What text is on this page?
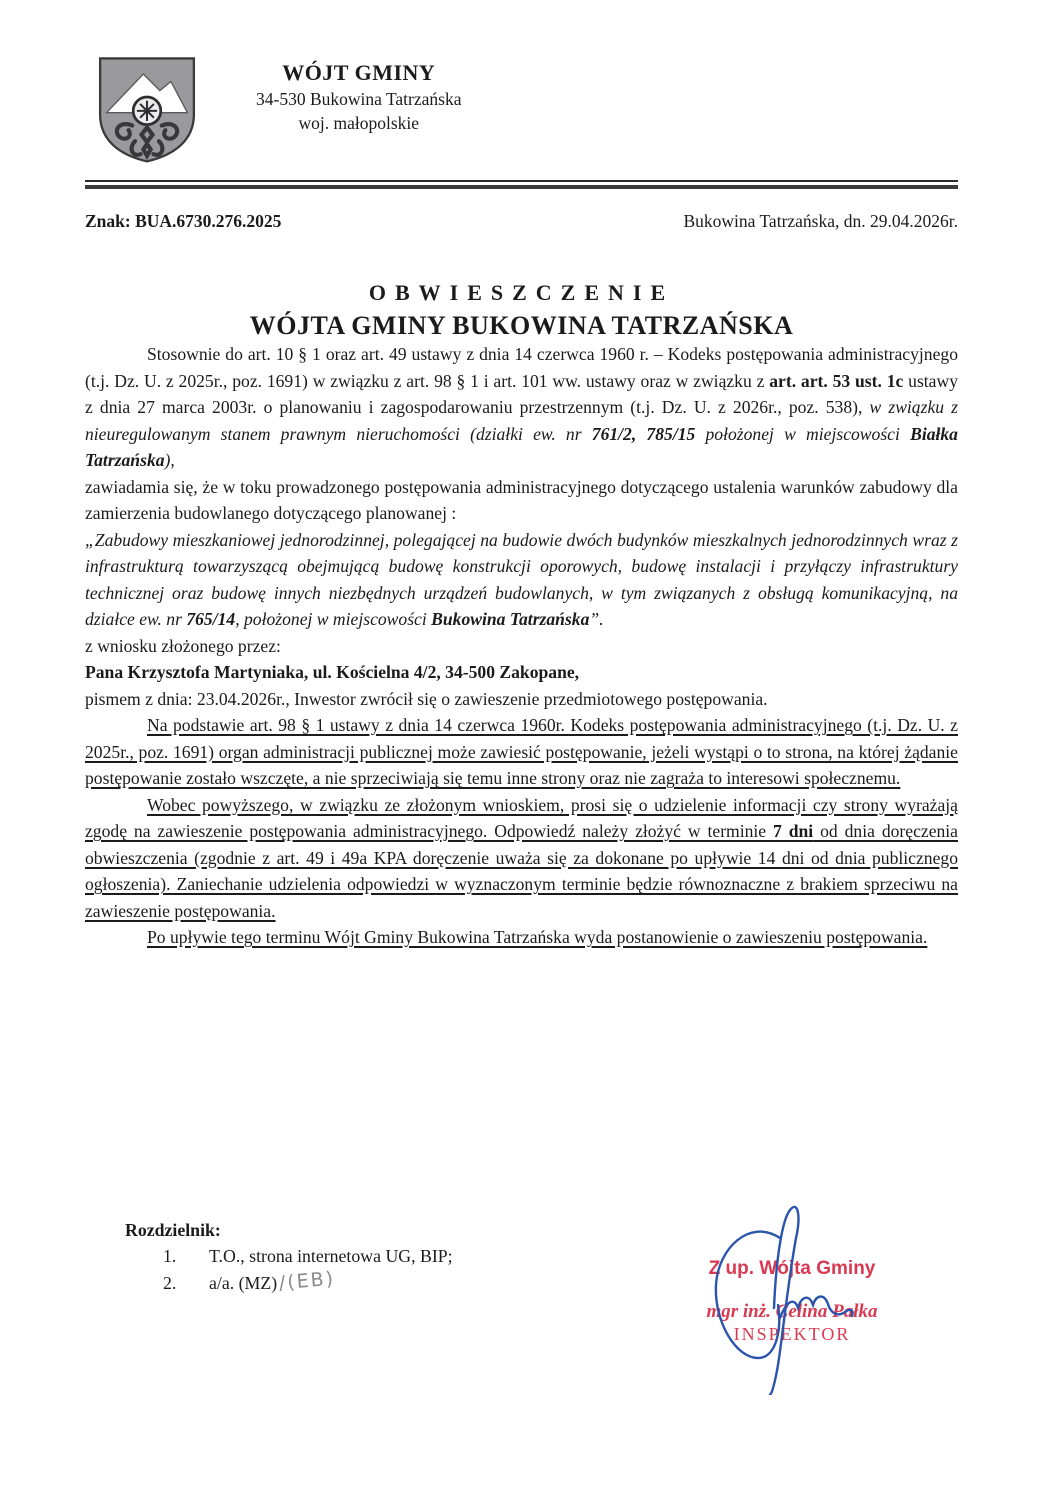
WÓJT GMINY
34-530 Bukowina Tatrzańska
woj. małopolskie
Znak: BUA.6730.276.2025	Bukowina Tatrzańska, dn. 29.04.2026r.
OBWIESZCZENIE
WÓJTA GMINY BUKOWINA TATRZAŃSKA

Stosownie do art. 10 § 1 oraz art. 49 ustawy z dnia 14 czerwca 1960 r. – Kodeks postępowania administracyjnego (t.j. Dz. U. z 2025r., poz. 1691) w związku z art. 98 § 1 i art. 101 ww. ustawy oraz w związku z art. art. 53 ust. 1c ustawy z dnia 27 marca 2003r. o planowaniu i zagospodarowaniu przestrzennym (t.j. Dz. U. z 2026r., poz. 538), w związku z nieuregulowanym stanem prawnym nieruchomości (działki ew. nr 761/2, 785/15 położonej w miejscowości Białka Tatrzańska),

zawiadamia się, że w toku prowadzonego postępowania administracyjnego dotyczącego ustalenia warunków zabudowy dla zamierzenia budowlanego dotyczącego planowanej :

„Zabudowy mieszkaniowej jednorodzinnej, polegającej na budowie dwóch budynków mieszkalnych jednorodzinnych wraz z infrastrukturą towarzyszącą obejmującą budowę konstrukcji oporowych, budowę instalacji i przyłączy infrastruktury technicznej oraz budowę innych niezbędnych urządzeń budowlanych, w tym związanych z obsługą komunikacyjną, na działce ew. nr 765/14, położonej w miejscowości Bukowina Tatrzańska”.

z wniosku złożonego przez:

Pana Krzysztofa Martyniaka, ul. Kościelna 4/2, 34-500 Zakopane,

pismem z dnia: 23.04.2026r., Inwestor zwrócił się o zawieszenie przedmiotowego postępowania.

Na podstawie art. 98 § 1 ustawy z dnia 14 czerwca 1960r. Kodeks postępowania administracyjnego (t.j. Dz. U. z 2025r., poz. 1691) organ administracji publicznej może zawiesić postępowanie, jeżeli wystąpi o to strona, na której żądanie postępowanie zostało wszczęte, a nie sprzeciwiają się temu inne strony oraz nie zagraża to interesowi społecznemu.

Wobec powyższego, w związku ze złożonym wnioskiem, prosi się o udzielenie informacji czy strony wyrażają zgodę na zawieszenie postępowania administracyjnego. Odpowiedź należy złożyć w terminie 7 dni od dnia doręczenia obwieszczenia (zgodnie z art. 49 i 49a KPA doręczenie uważa się za dokonane po upływie 14 dni od dnia publicznego ogłoszenia). Zaniechanie udzielenia odpowiedzi w wyznaczonym terminie będzie równoznaczne z brakiem sprzeciwu na zawieszenie postępowania.

Po upływie tego terminu Wójt Gminy Bukowina Tatrzańska wyda postanowienie o zawieszeniu postępowania.

Rozdzielnik:
1.	T.O., strona internetowa UG, BIP;
2.	a/a. (MZ)/(EB)	Z up. Wójta Gminy
mgr inż. Celina Pałka
INSPEKTOR
